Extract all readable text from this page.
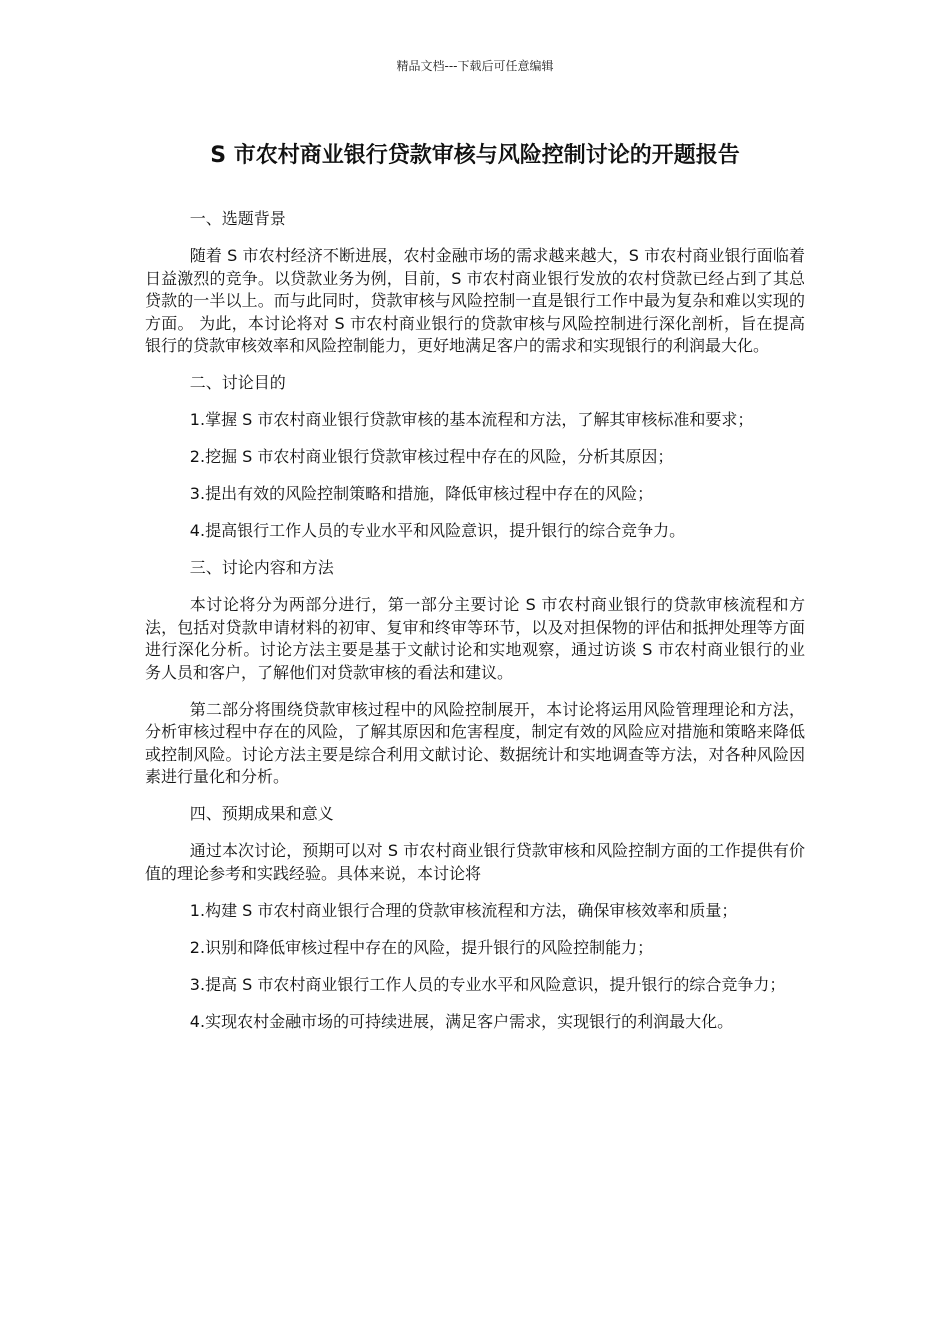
精品文档---下载后可任意编辑
S 市农村商业银行贷款审核与风险控制讨论的开题报告

一、选题背景

随着 S 市农村经济不断进展，农村金融市场的需求越来越大，S 市农村商业银行面临着日益激烈的竞争。以贷款业务为例，目前，S 市农村商业银行发放的农村贷款已经占到了其总贷款的一半以上。而与此同时，贷款审核与风险控制一直是银行工作中最为复杂和难以实现的方面。 为此，本讨论将对 S 市农村商业银行的贷款审核与风险控制进行深化剖析，旨在提高银行的贷款审核效率和风险控制能力，更好地满足客户的需求和实现银行的利润最大化。

二、讨论目的

1.掌握 S 市农村商业银行贷款审核的基本流程和方法，了解其审核标准和要求；

2.挖掘 S 市农村商业银行贷款审核过程中存在的风险，分析其原因；

3.提出有效的风险控制策略和措施，降低审核过程中存在的风险；

4.提高银行工作人员的专业水平和风险意识，提升银行的综合竞争力。

三、讨论内容和方法

本讨论将分为两部分进行，第一部分主要讨论 S 市农村商业银行的贷款审核流程和方法，包括对贷款申请材料的初审、复审和终审等环节，以及对担保物的评估和抵押处理等方面进行深化分析。讨论方法主要是基于文献讨论和实地观察，通过访谈 S 市农村商业银行的业务人员和客户，了解他们对贷款审核的看法和建议。

第二部分将围绕贷款审核过程中的风险控制展开，本讨论将运用风险管理理论和方法，分析审核过程中存在的风险，了解其原因和危害程度，制定有效的风险应对措施和策略来降低或控制风险。讨论方法主要是综合利用文献讨论、数据统计和实地调查等方法，对各种风险因素进行量化和分析。

四、预期成果和意义

通过本次讨论，预期可以对 S 市农村商业银行贷款审核和风险控制方面的工作提供有价值的理论参考和实践经验。具体来说，本讨论将

1.构建 S 市农村商业银行合理的贷款审核流程和方法，确保审核效率和质量；

2.识别和降低审核过程中存在的风险，提升银行的风险控制能力；

3.提高 S 市农村商业银行工作人员的专业水平和风险意识，提升银行的综合竞争力；

4.实现农村金融市场的可持续进展，满足客户需求，实现银行的利润最大化。
